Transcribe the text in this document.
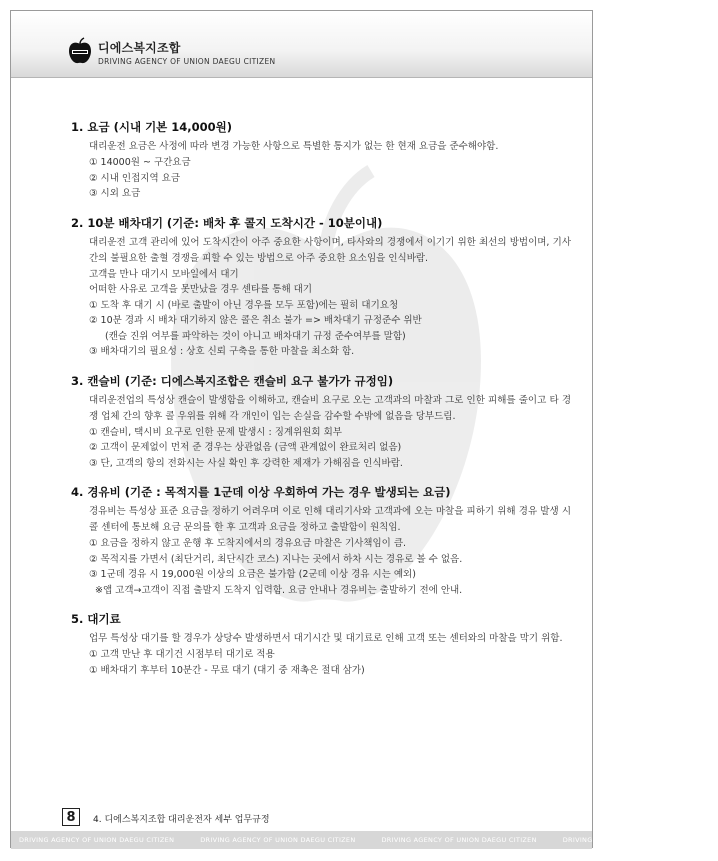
디에스복지조합
DRIVING AGENCY OF UNION DAEGU CITIZEN
1. 요금 (시내 기본 14,000원)

대리운전 요금은 사정에 따라 변경 가능한 사항으로 특별한 통지가 없는 한 현재 요금을 준수해야함.

① 14000원 ~ 구간요금
② 시내 인접지역 요금
③ 시외 요금
2. 10분 배차대기 (기준: 배차 후 콜지 도착시간 - 10분이내)

대리운전 고객 관리에 있어 도착시간이 아주 중요한 사항이며, 타사와의 경쟁에서 이기기 위한 최선의 방법이며, 기사간의 불필요한 출혈 경쟁을 피할 수 있는 방법으로 아주 중요한 요소임을 인식바람.

고객을 만나 대기시 모바일에서 대기
어떠한 사유로 고객을 못만났을 경우 센타를 통해 대기
① 도착 후 대기 시 (바로 출발이 아닌 경우를 모두 포함)에는 필히 대기요청
② 10분 경과 시 배차 대기하지 않은 콜은 취소 불가 => 배차대기 규정준수 위반
(캔슬 진위 여부를 파악하는 것이 아니고 배차대기 규정 준수여부를 말함)
③ 배차대기의 필요성 : 상호 신뢰 구축을 통한 마찰을 최소화 함.
3. 캔슬비 (기준: 디에스복지조합은 캔슬비 요구 불가가 규정임)

대리운전업의 특성상 캔슬이 발생함을 이해하고, 캔슬비 요구로 오는 고객과의 마찰과 그로 인한 피해를 줄이고 타 경쟁 업체 간의 향후 콜 우위를 위해 각 개인이 입는 손실을 감수할 수밖에 없음을 당부드림.

① 캔슬비, 택시비 요구로 인한 문제 발생시 : 징계위원회 회부
② 고객이 문제없이 먼저 준 경우는 상관없음 (금액 관계없이 완료처리 없음)
③ 단, 고객의 항의 전화시는 사실 확인 후 강력한 제재가 가해짐을 인식바람.
4. 경유비 (기준 : 목적지를 1군데 이상 우회하여 가는 경우 발생되는 요금)

경유비는 특성상 표준 요금을 정하기 어려우며 이로 인해 대리기사와 고객과에 오는 마찰을 피하기 위해 경유 발생 시 콜 센터에 통보해 요금 문의를 한 후 고객과 요금을 정하고 출발함이 원칙임.

① 요금을 정하지 않고 운행 후 도착지에서의 경유요금 마찰은 기사책임이 큼.
② 목적지를 가면서 (최단거리, 최단시간 코스) 지나는 곳에서 하차 시는 경유로 볼 수 없음.
③ 1군데 경유 시 19,000원 이상의 요금은 불가함 (2군데 이상 경유 시는 예외)
※앱 고객→고객이 직접 출발지 도착지 입력함. 요금 안내나 경유비는 출발하기 전에 안내.
5. 대기료

업무 특성상 대기를 할 경우가 상당수 발생하면서 대기시간 및 대기료로 인해 고객 또는 센터와의 마찰을 막기 위함.

① 고객 만난 후 대기건 시점부터 대기로 적용
① 배차대기 후부터 10분간 - 무료 대기 (대기 중 재촉은 절대 삼가)
8	4. 디에스복지조합 대리운전자 세부 업무규정
DRIVING AGENCY OF UNION DAEGU CITIZEN	DRIVING AGENCY OF UNION DAEGU CITIZEN	DRIVING AGENCY OF UNION DAEGU CITIZEN	DRIVING AGENCY OF UNION DAEGU CITIZEN
